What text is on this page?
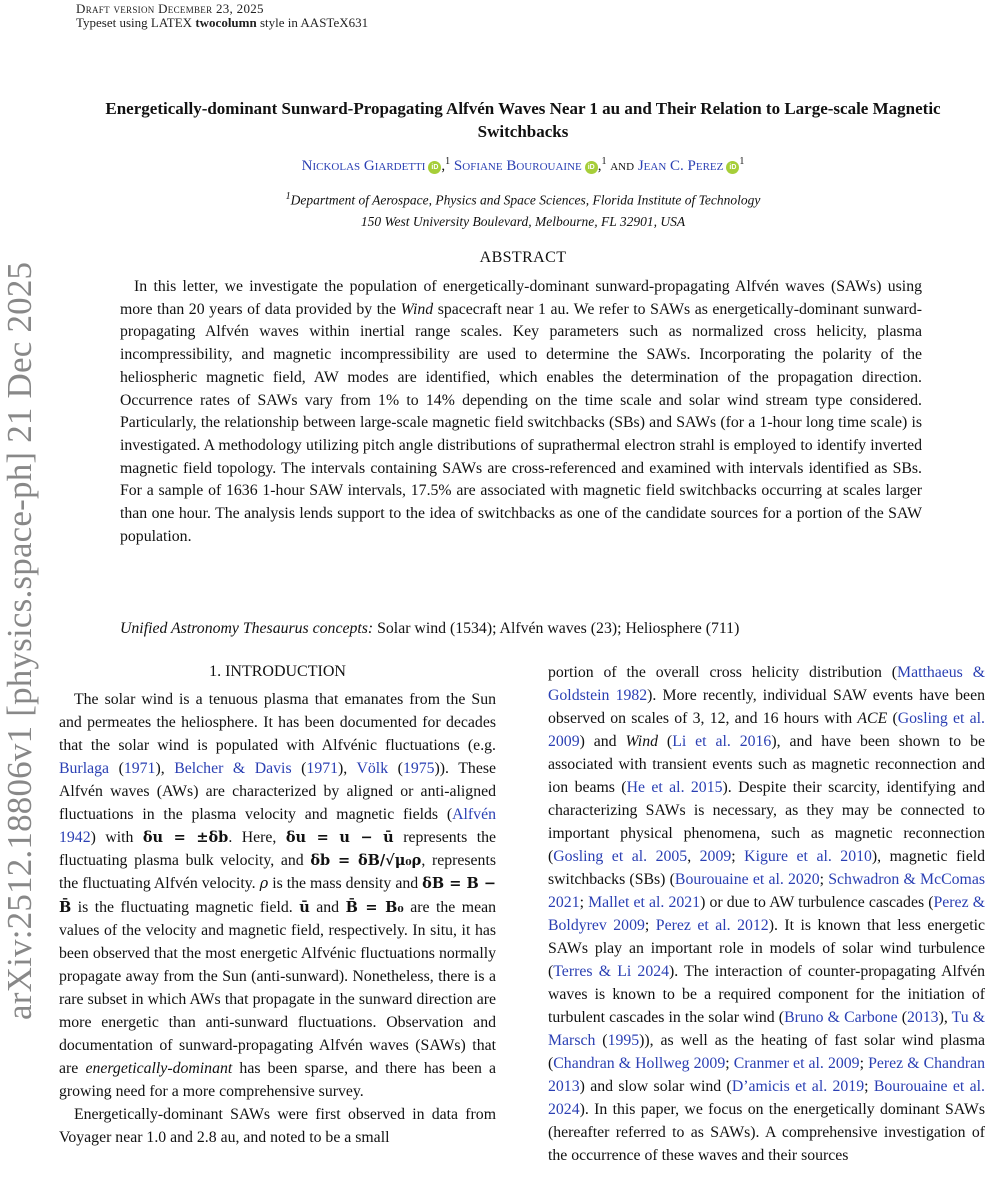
Draft version December 23, 2025
Typeset using LATEX twocolumn style in AASTeX631
arXiv:2512.18806v1 [physics.space-ph] 21 Dec 2025
Energetically-dominant Sunward-Propagating Alfvén Waves Near 1 au and Their Relation to Large-scale Magnetic Switchbacks
Nickolas Giardetti iD ,$^1$ Sofiane Bourouaine iD ,$^1$ and Jean C. Perez $iD^1$
$^1$Department of Aerospace, Physics and Space Sciences, Florida Institute of Technology
150 West University Boulevard, Melbourne, FL 32901, USA
ABSTRACT

In this letter, we investigate the population of energetically-dominant sunward-propagating Alfvén waves (SAWs) using more than 20 years of data provided by the Wind spacecraft near 1 au. We refer to SAWs as energetically-dominant sunward-propagating Alfvén waves within inertial range scales. Key parameters such as normalized cross helicity, plasma incompressibility, and magnetic incompressibility are used to determine the SAWs. Incorporating the polarity of the heliospheric magnetic field, AW modes are identified, which enables the determination of the propagation direction. Occurrence rates of SAWs vary from 1% to 14% depending on the time scale and solar wind stream type considered. Particularly, the relationship between large-scale magnetic field switchbacks (SBs) and SAWs (for a 1-hour long time scale) is investigated. A methodology utilizing pitch angle distributions of suprathermal electron strahl is employed to identify inverted magnetic field topology. The intervals containing SAWs are cross-referenced and examined with intervals identified as SBs. For a sample of 1636 1-hour SAW intervals, 17.5% are associated with magnetic field switchbacks occurring at scales larger than one hour. The analysis lends support to the idea of switchbacks as one of the candidate sources for a portion of the SAW population.

Unified Astronomy Thesaurus concepts: Solar wind (1534); Alfvén waves (23); Heliosphere (711)
1. INTRODUCTION

The solar wind is a tenuous plasma that emanates from the Sun and permeates the heliosphere. It has been documented for decades that the solar wind is populated with Alfvénic fluctuations (e.g. Burlaga (1971), Belcher & Davis (1971), Völk (1975)). These Alfvén waves (AWs) are characterized by aligned or anti-aligned fluctuations in the plasma velocity and magnetic fields (Alfvén 1942) with δu = ±δb. Here, δu = u − ū represents the fluctuating plasma bulk velocity, and δb = δB/√μ₀ρ, represents the fluctuating Alfvén velocity. ρ is the mass density and δB = B − B̄ is the fluctuating magnetic field. ū and B̄ = B₀ are the mean values of the velocity and magnetic field, respectively. In situ, it has been observed that the most energetic Alfvénic fluctuations normally propagate away from the Sun (anti-sunward). Nonetheless, there is a rare subset in which AWs that propagate in the sunward direction are more energetic than anti-sunward fluctuations. Observation and documentation of sunward-propagating Alfvén waves (SAWs) that are energetically-dominant has been sparse, and there has been a growing need for a more comprehensive survey.

Energetically-dominant SAWs were first observed in data from Voyager near 1.0 and 2.8 au, and noted to be a small

portion of the overall cross helicity distribution (Matthaeus & Goldstein 1982). More recently, individual SAW events have been observed on scales of 3, 12, and 16 hours with ACE (Gosling et al. 2009) and Wind (Li et al. 2016), and have been shown to be associated with transient events such as magnetic reconnection and ion beams (He et al. 2015). Despite their scarcity, identifying and characterizing SAWs is necessary, as they may be connected to important physical phenomena, such as magnetic reconnection (Gosling et al. 2005, 2009; Kigure et al. 2010), magnetic field switchbacks (SBs) (Bourouaine et al. 2020; Schwadron & McComas 2021; Mallet et al. 2021) or due to AW turbulence cascades (Perez & Boldyrev 2009; Perez et al. 2012). It is known that less energetic SAWs play an important role in models of solar wind turbulence (Terres & Li 2024). The interaction of counter-propagating Alfvén waves is known to be a required component for the initiation of turbulent cascades in the solar wind (Bruno & Carbone (2013), Tu & Marsch (1995)), as well as the heating of fast solar wind plasma (Chandran & Hollweg 2009; Cranmer et al. 2009; Perez & Chandran 2013) and slow solar wind (D’amicis et al. 2019; Bourouaine et al. 2024). In this paper, we focus on the energetically dominant SAWs (hereafter referred to as SAWs). A comprehensive investigation of the occurrence of these waves and their sources
